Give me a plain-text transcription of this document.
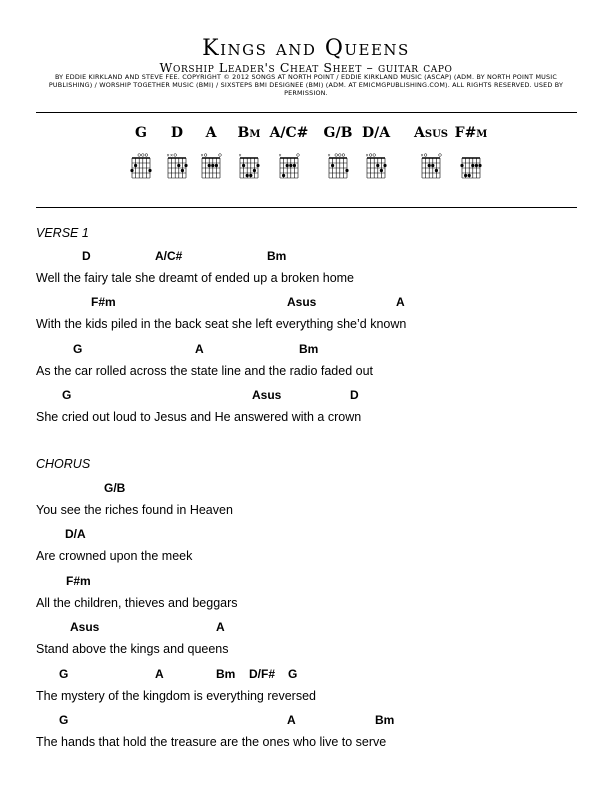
Kings and Queens
Worship Leader's Cheat Sheet – guitar capo
BY EDDIE KIRKLAND AND STEVE FEE. COPYRIGHT © 2012 SONGS AT NORTH POINT / EDDIE KIRKLAND MUSIC (ASCAP) (ADM. BY NORTH POINT MUSIC PUBLISHING) / WORSHIP TOGETHER MUSIC (BMI) / SIXSTEPS BMI DESIGNEE (BMI) (ADM. AT EMICMGPUBLISHING.COM). ALL RIGHTS RESERVED. USED BY PERMISSION.
G	D
× ×
A
×
Bm
×
A/C#
×
G/B
×
D/A
×
Asus
×
F#m
VERSE 1
D	A/C#	Bm
Well the fairy tale she dreamt of ended up a broken home
F#m	Asus	A
With the kids piled in the back seat she left everything she’d known
G	A	Bm
As the car rolled across the state line and the radio faded out
G	Asus	D
She cried out loud to Jesus and He answered with a crown
CHORUS
G/B
You see the riches found in Heaven
D/A
Are crowned upon the meek
F#m
All the children, thieves and beggars
Asus	A
Stand above the kings and queens
G	A	Bm D/F# G
The mystery of the kingdom is everything reversed
G	A	Bm
The hands that hold the treasure are the ones who live to serve
